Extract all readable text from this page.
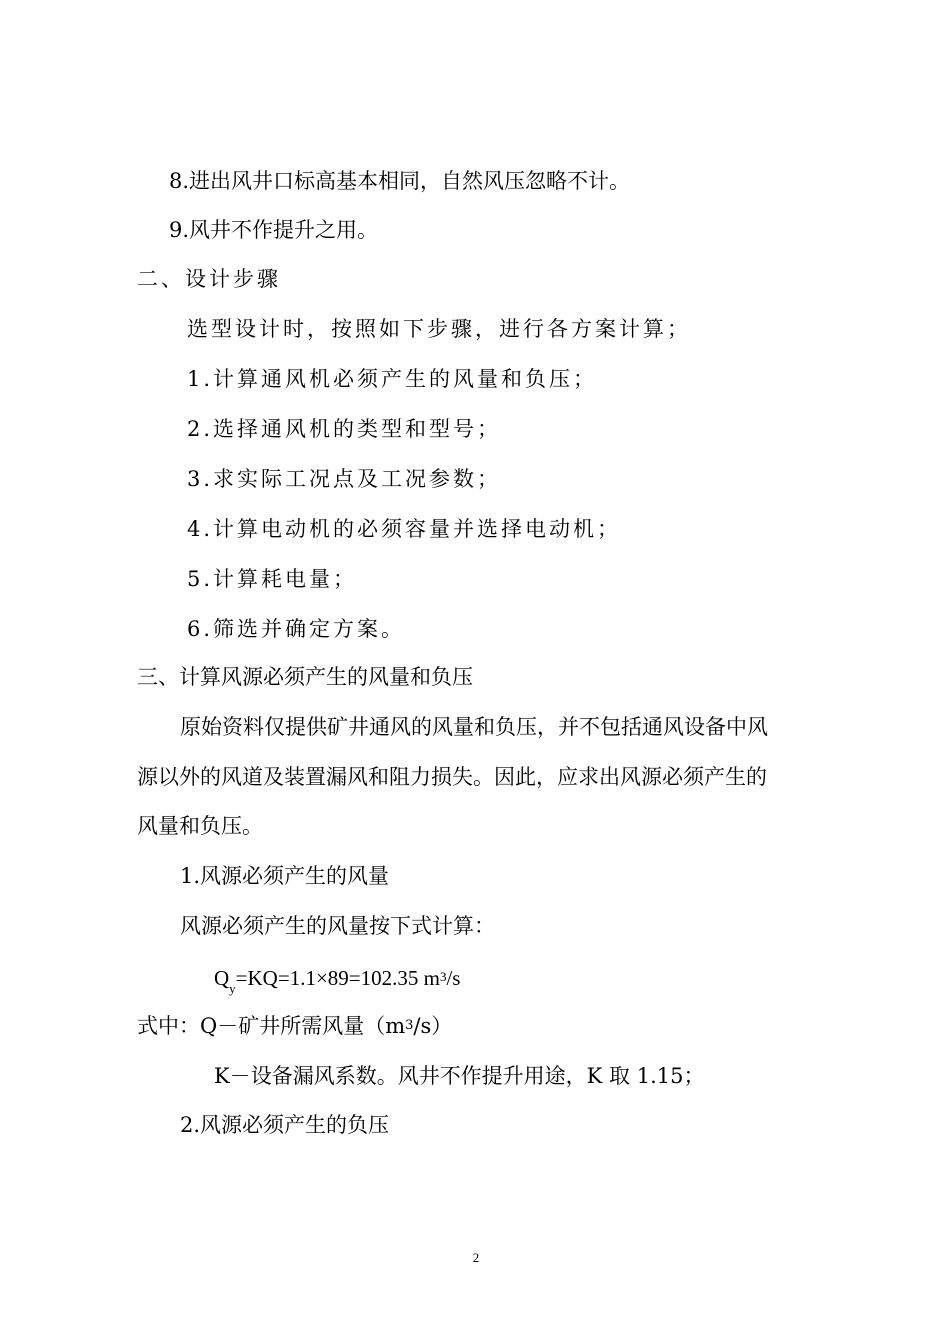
8.进出风井口标高基本相同，自然风压忽略不计。
9.风井不作提升之用。
二、设计步骤
选型设计时，按照如下步骤，进行各方案计算；
1.计算通风机必须产生的风量和负压；
2.选择通风机的类型和型号；
3.求实际工况点及工况参数；
4.计算电动机的必须容量并选择电动机；
5.计算耗电量；
6.筛选并确定方案。
三、计算风源必须产生的风量和负压
原始资料仅提供矿井通风的风量和负压，并不包括通风设备中风
源以外的风道及装置漏风和阻力损失。因此，应求出风源必须产生的
风量和负压。
1.风源必须产生的风量
风源必须产生的风量按下式计算：
$Q_y=KQ=1.1\times 89=102.35$ m3/s
式中：Q－矿井所需风量（m3/s）
K－设备漏风系数。风井不作提升用途，K 取 1.15；
2.风源必须产生的负压
2
